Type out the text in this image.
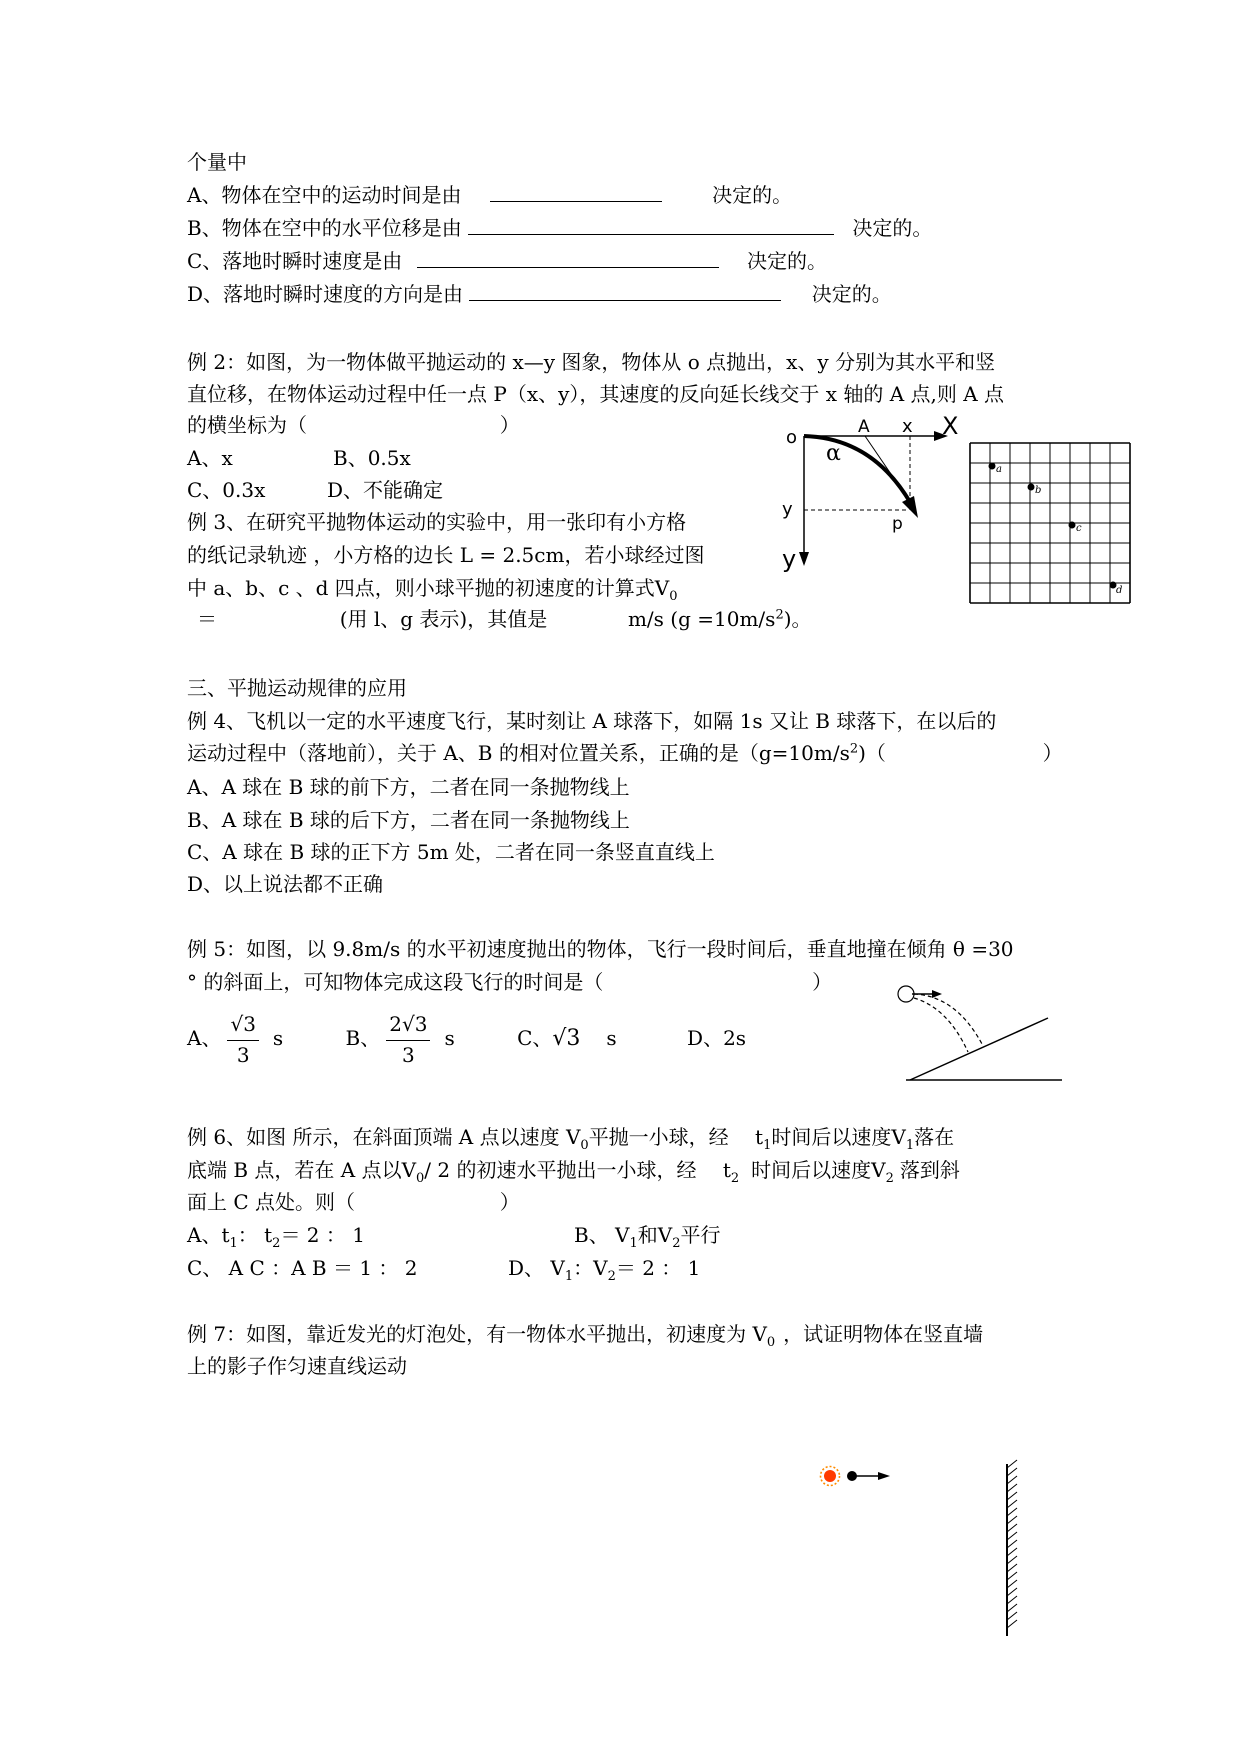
个量中
A、物体在空中的运动时间是由	决定的。
B、物体在空中的水平位移是由	决定的。
C、落地时瞬时速度是由	决定的。
D、落地时瞬时速度的方向是由	决定的。
例 2：如图，为一物体做平抛运动的 x—y 图象，物体从 o 点抛出，x、y 分别为其水平和竖
直位移，在物体运动过程中任一点 P（x、y），其速度的反向延长线交于 x 轴的 A 点,则 A 点
的横坐标为（	）
A、x	B、0.5x
C、0.3x	D、不能确定
o	A x X
α
y
y
p
a
b
c
d
例 3、在研究平抛物体运动的实验中，用一张印有小方格
的纸记录轨迹 ，小方格的边长 L = 2.5cm，若小球经过图
中 a、b、c 、d 四点，则小球平抛的初速度的计算式$V_0$
＝	(用 l、g 表示)，其值是	m/s $(g =10m/s^2)$。
三、平抛运动规律的应用
例 4、飞机以一定的水平速度飞行，某时刻让 A 球落下，如隔 1s 又让 B 球落下，在以后的
运动过程中（落地前），关于 A、B 的相对位置关系，正确的是$(g=10m/s^2)$（	）
A、A 球在 B 球的前下方，二者在同一条抛物线上
B、A 球在 B 球的后下方，二者在同一条抛物线上
C、A 球在 B 球的正下方 5m 处，二者在同一条竖直直线上
D、以上说法都不正确
例 5：如图，以 9.8m/s 的水平初速度抛出的物体，飞行一段时间后，垂直地撞在倾角 θ =30
° 的斜面上，可知物体完成这段飞行的时间是（	）
A、 $\frac{√3}{3}$ s	B、 $\frac{2√3}{3}$ s	C、√3 s	D、2s
例 6、如图 所示，在斜面顶端 A 点以速度 $V_0$平抛一小球，经 $t_1$时间后以速度$V_1$落在
底端 B 点，若在 A 点以$V_0/$ 2 的初速水平抛出一小球，经 $t_2$ 时间后以速度$V_2$ 落到斜
面上 C 点处。则（	）
A、$t_1$： $t_2= 2$ ： 1	B、 $V_1$和$V_2$平行
C、 A C ：A B ＝ 1 ： 2	D、 $V_1$：$V_2= 2$ ： 1
例 7：如图，靠近发光的灯泡处，有一物体水平抛出，初速度为 $V_0$ ，试证明物体在竖直墙
上的影子作匀速直线运动
